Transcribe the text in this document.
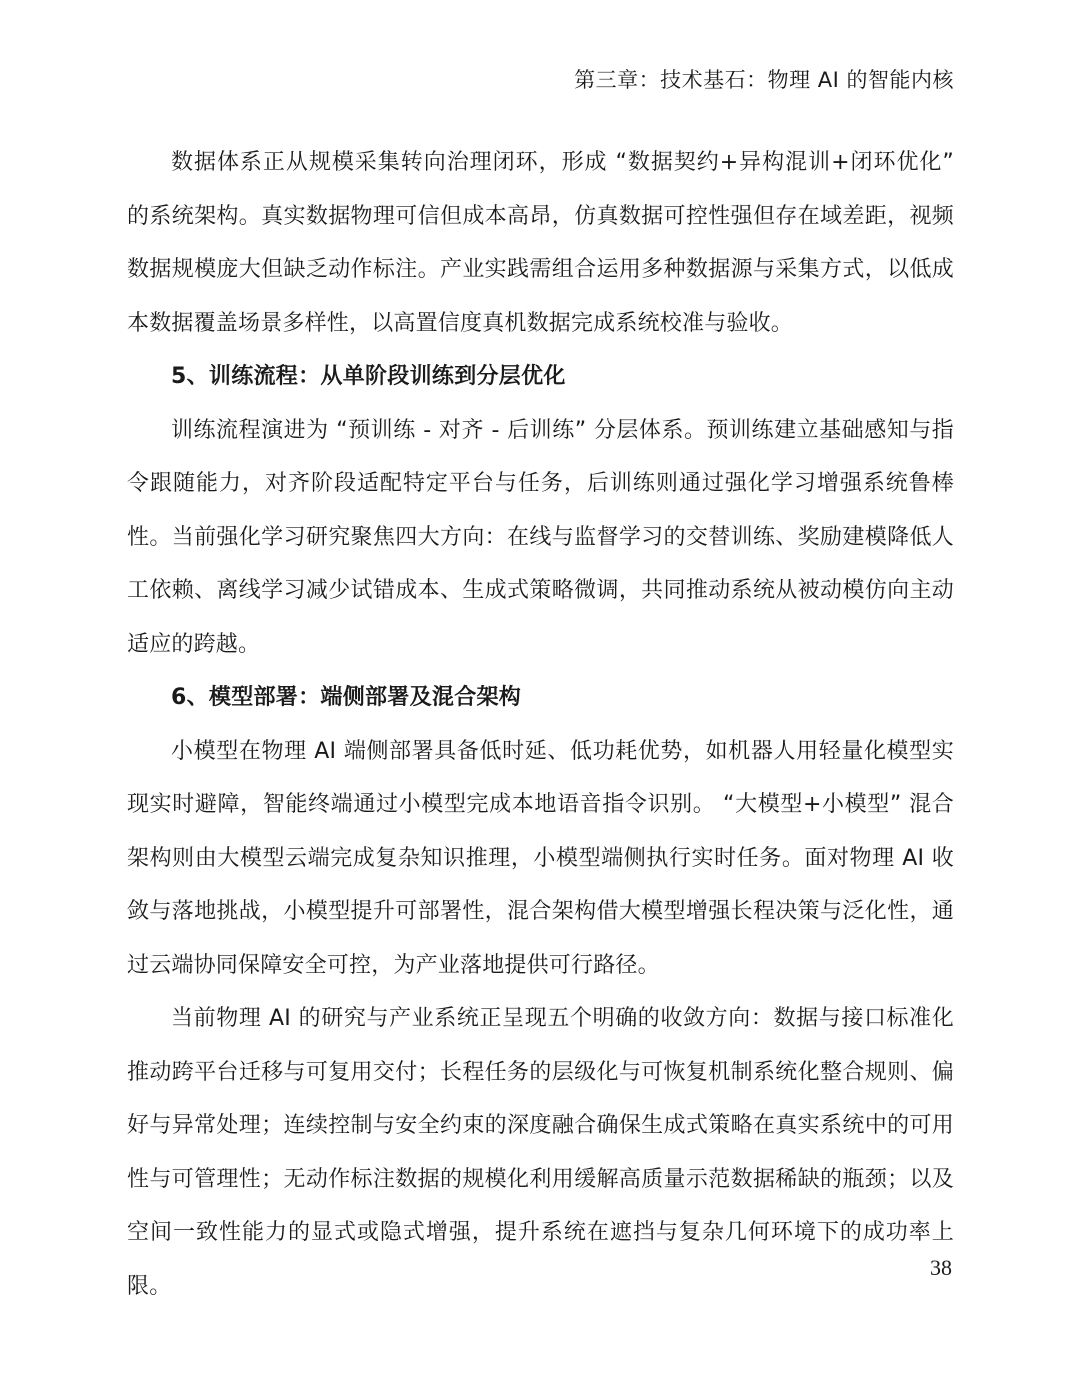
第三章：技术基石：物理 AI 的智能内核

数据体系正从规模采集转向治理闭环，形成 “数据契约+异构混训+闭环优化” 的系统架构。真实数据物理可信但成本高昂，仿真数据可控性强但存在域差距，视频数据规模庞大但缺乏动作标注。产业实践需组合运用多种数据源与采集方式，以低成本数据覆盖场景多样性，以高置信度真机数据完成系统校准与验收。

5、训练流程：从单阶段训练到分层优化

训练流程演进为 “预训练 - 对齐 - 后训练” 分层体系。预训练建立基础感知与指令跟随能力，对齐阶段适配特定平台与任务，后训练则通过强化学习增强系统鲁棒性。当前强化学习研究聚焦四大方向：在线与监督学习的交替训练、奖励建模降低人工依赖、离线学习减少试错成本、生成式策略微调，共同推动系统从被动模仿向主动适应的跨越。

6、模型部署：端侧部署及混合架构

小模型在物理 AI 端侧部署具备低时延、低功耗优势，如机器人用轻量化模型实现实时避障，智能终端通过小模型完成本地语音指令识别。 “大模型+小模型” 混合架构则由大模型云端完成复杂知识推理，小模型端侧执行实时任务。面对物理 AI 收敛与落地挑战，小模型提升可部署性，混合架构借大模型增强长程决策与泛化性，通过云端协同保障安全可控，为产业落地提供可行路径。

当前物理 AI 的研究与产业系统正呈现五个明确的收敛方向：数据与接口标准化推动跨平台迁移与可复用交付；长程任务的层级化与可恢复机制系统化整合规则、偏好与异常处理；连续控制与安全约束的深度融合确保生成式策略在真实系统中的可用性与可管理性；无动作标注数据的规模化利用缓解高质量示范数据稀缺的瓶颈；以及空间一致性能力的显式或隐式增强，提升系统在遮挡与复杂几何环境下的成功率上限。

38
